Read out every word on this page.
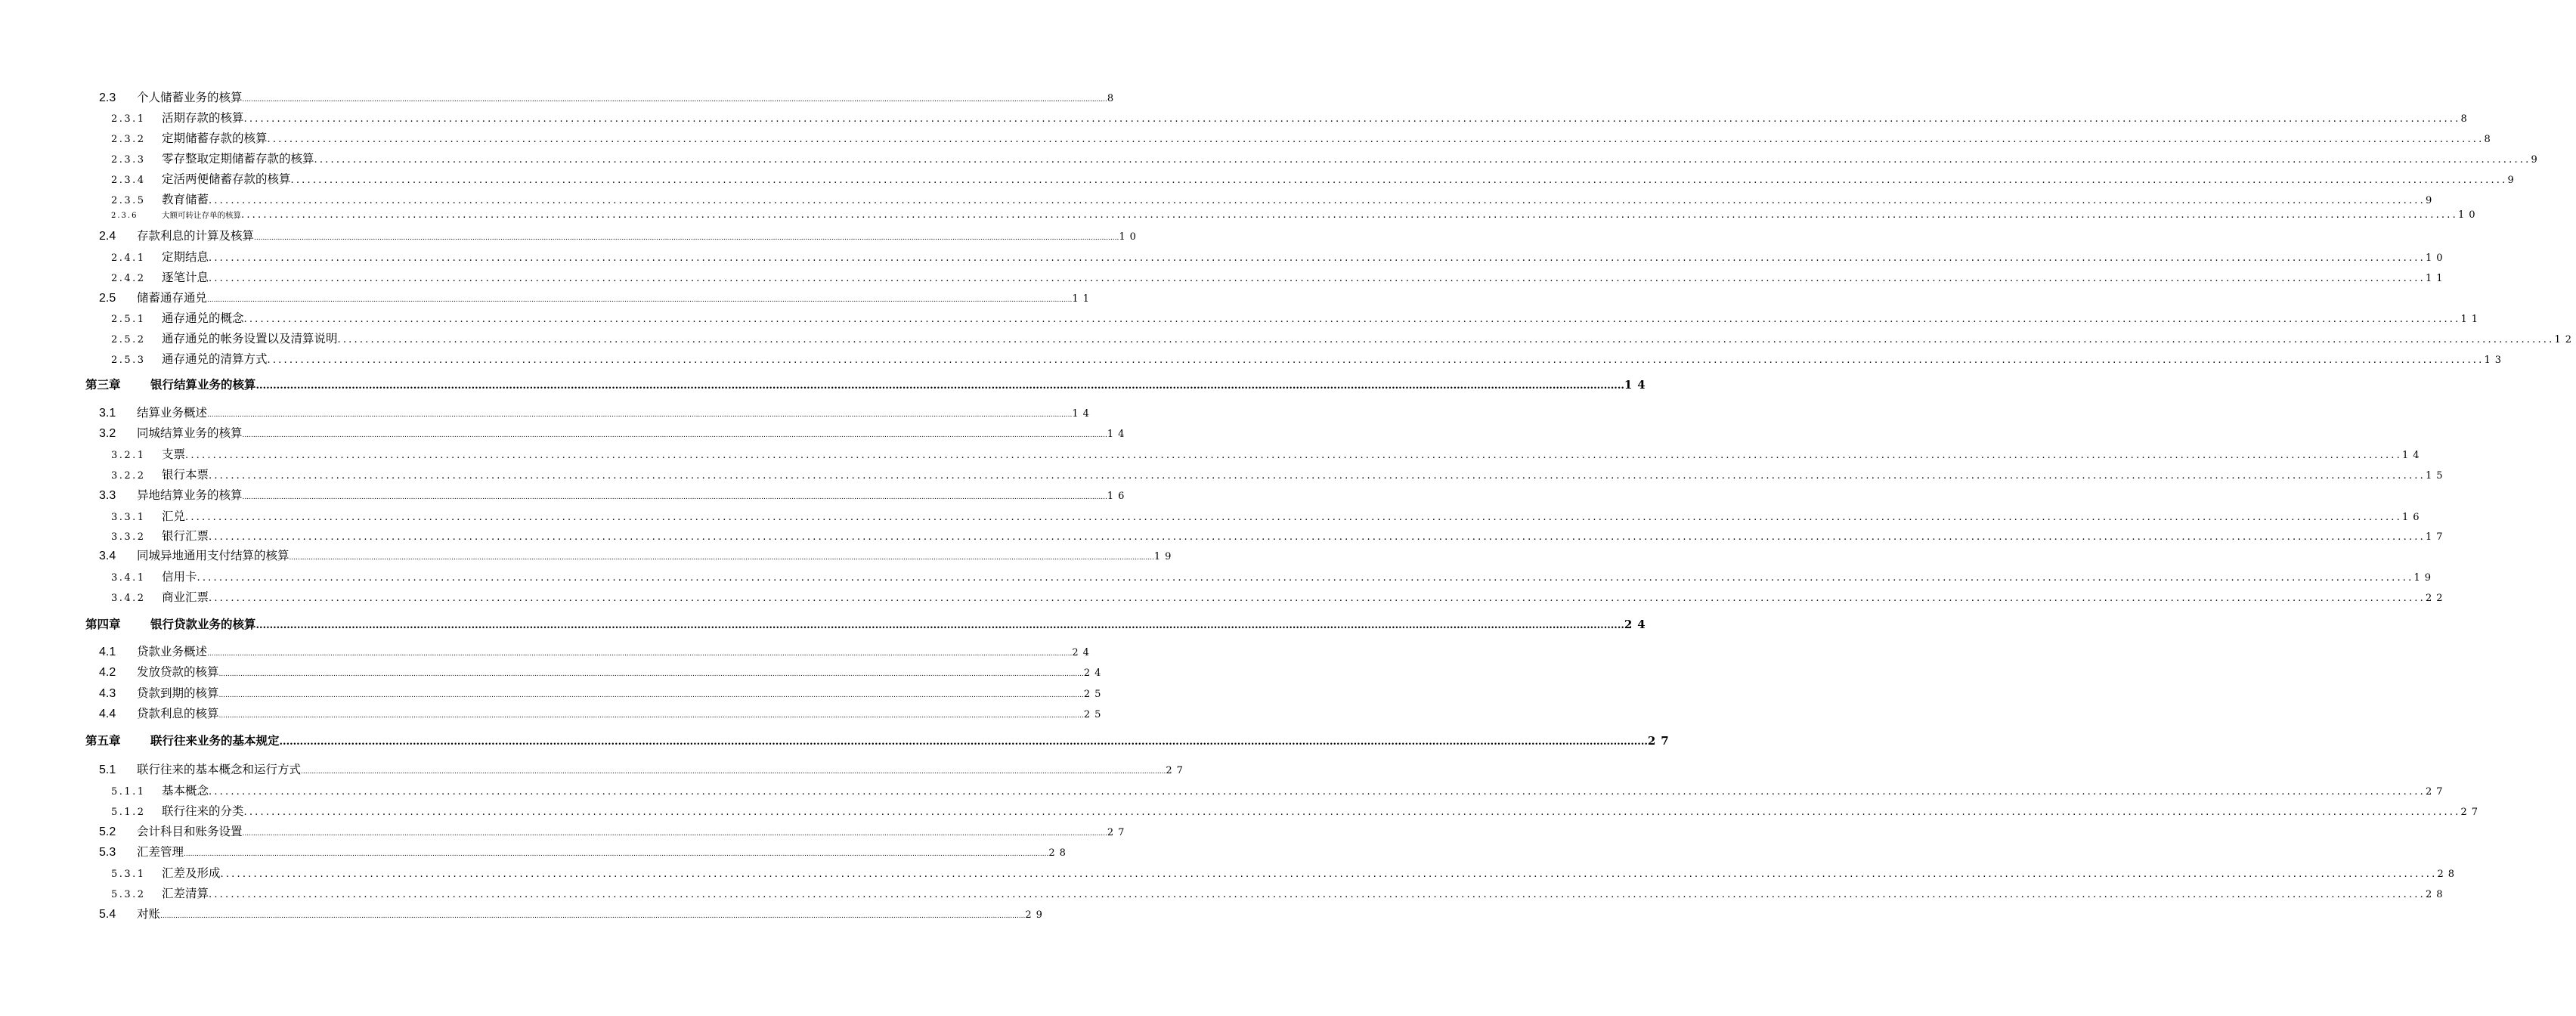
2.3	个人储蓄业务的核算 ................................................................................................................................................................................................................................................................................................................................................................................................................ 8
2.3.1	活期存款的核算 ................................................................................................................................................................................................................................................................................................................................................................................................................ 8
2.3.2	定期储蓄存款的核算 ................................................................................................................................................................................................................................................................................................................................................................................................................ 8
2.3.3	零存整取定期储蓄存款的核算 ................................................................................................................................................................................................................................................................................................................................................................................................................ 9
2.3.4	定活两便储蓄存款的核算 ................................................................................................................................................................................................................................................................................................................................................................................................................ 9
2.3.5	教育储蓄 ................................................................................................................................................................................................................................................................................................................................................................................................................ 9
2.3.6	大额可转让存单的核算 ................................................................................................................................................................................................................................................................................................................................................................................................................ 10
2.4	存款利息的计算及核算 ................................................................................................................................................................................................................................................................................................................................................................................................................ 10
2.4.1	定期结息 ................................................................................................................................................................................................................................................................................................................................................................................................................ 10
2.4.2	逐笔计息 ................................................................................................................................................................................................................................................................................................................................................................................................................ 11
2.5	储蓄通存通兑 ................................................................................................................................................................................................................................................................................................................................................................................................................ 11
2.5.1	通存通兑的概念 ................................................................................................................................................................................................................................................................................................................................................................................................................ 11
2.5.2	通存通兑的帐务设置以及清算说明 ................................................................................................................................................................................................................................................................................................................................................................................................................ 12
2.5.3	通存通兑的清算方式 ................................................................................................................................................................................................................................................................................................................................................................................................................ 13
第三章	银行结算业务的核算 ................................................................................................................................................................................................................................................................................................................................................................................................................ 14
3.1	结算业务概述 ................................................................................................................................................................................................................................................................................................................................................................................................................ 14
3.2	同城结算业务的核算 ................................................................................................................................................................................................................................................................................................................................................................................................................ 14
3.2.1	支票 ................................................................................................................................................................................................................................................................................................................................................................................................................ 14
3.2.2	银行本票 ................................................................................................................................................................................................................................................................................................................................................................................................................ 15
3.3	异地结算业务的核算 ................................................................................................................................................................................................................................................................................................................................................................................................................ 16
3.3.1	汇兑 ................................................................................................................................................................................................................................................................................................................................................................................................................ 16
3.3.2	银行汇票 ................................................................................................................................................................................................................................................................................................................................................................................................................ 17
3.4	同城异地通用支付结算的核算 ................................................................................................................................................................................................................................................................................................................................................................................................................ 19
3.4.1	信用卡 ................................................................................................................................................................................................................................................................................................................................................................................................................ 19
3.4.2	商业汇票 ................................................................................................................................................................................................................................................................................................................................................................................................................ 22
第四章	银行贷款业务的核算 ................................................................................................................................................................................................................................................................................................................................................................................................................ 24
4.1	贷款业务概述 ................................................................................................................................................................................................................................................................................................................................................................................................................ 24
4.2	发放贷款的核算 ................................................................................................................................................................................................................................................................................................................................................................................................................ 24
4.3	贷款到期的核算 ................................................................................................................................................................................................................................................................................................................................................................................................................ 25
4.4	贷款利息的核算 ................................................................................................................................................................................................................................................................................................................................................................................................................ 25
第五章	联行往来业务的基本规定 ................................................................................................................................................................................................................................................................................................................................................................................................................ 27
5.1	联行往来的基本概念和运行方式 ................................................................................................................................................................................................................................................................................................................................................................................................................ 27
5.1.1	基本概念 ................................................................................................................................................................................................................................................................................................................................................................................................................ 27
5.1.2	联行往来的分类 ................................................................................................................................................................................................................................................................................................................................................................................................................ 27
5.2	会计科目和账务设置 ................................................................................................................................................................................................................................................................................................................................................................................................................ 27
5.3	汇差管理 ................................................................................................................................................................................................................................................................................................................................................................................................................ 28
5.3.1	汇差及形成 ................................................................................................................................................................................................................................................................................................................................................................................................................ 28
5.3.2	汇差清算 ................................................................................................................................................................................................................................................................................................................................................................................................................ 28
5.4	对账 ................................................................................................................................................................................................................................................................................................................................................................................................................ 29
